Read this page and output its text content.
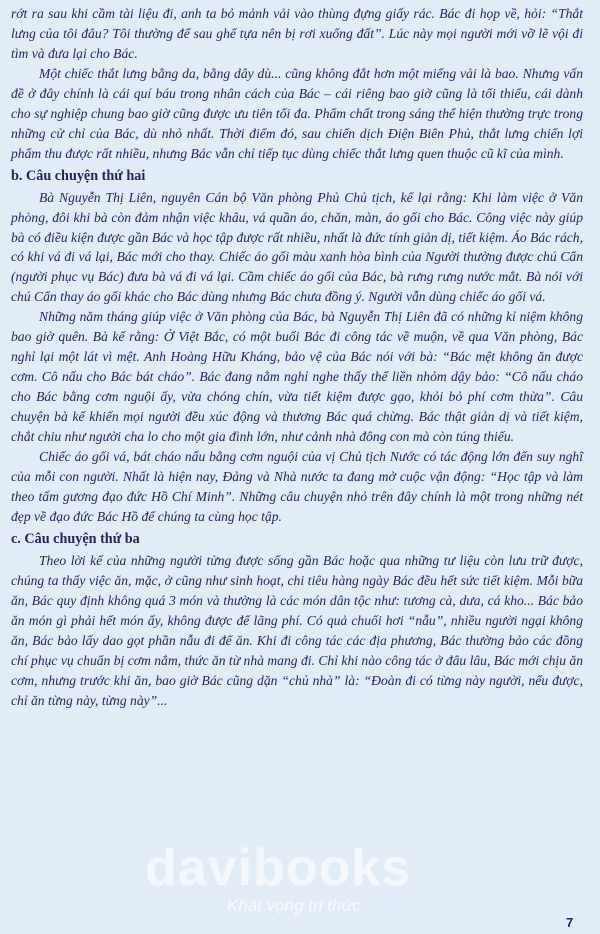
rớt ra sau khi cầm tài liệu đi, anh ta bỏ mảnh vải vào thùng đựng giấy rác. Bác đi họp về, hỏi: “Thắt lưng của tôi đâu? Tôi thường để sau ghế tựa nên bị rơi xuống đất”. Lúc này mọi người mới vỡ lẽ vội đi tìm và đưa lại cho Bác.

Một chiếc thắt lưng bằng da, bằng dây dù... cũng không đắt hơn một miếng vải là bao. Nhưng vấn đề ở đây chính là cái quí báu trong nhân cách của Bác – cái riêng bao giờ cũng là tối thiểu, cái dành cho sự nghiệp chung bao giờ cũng được ưu tiên tối đa. Phẩm chất trong sáng thể hiện thường trực trong những cử chỉ của Bác, dù nhỏ nhất. Thời điểm đó, sau chiến dịch Điện Biên Phủ, thắt lưng chiến lợi phẩm thu được rất nhiều, nhưng Bác vẫn chỉ tiếp tục dùng chiếc thắt lưng quen thuộc cũ kĩ của mình.

b. Câu chuyện thứ hai

Bà Nguyễn Thị Liên, nguyên Cán bộ Văn phòng Phủ Chủ tịch, kể lại rằng: Khi làm việc ở Văn phòng, đôi khi bà còn đảm nhận việc khâu, vá quần áo, chăn, màn, áo gối cho Bác. Công việc này giúp bà có điều kiện được gần Bác và học tập được rất nhiều, nhất là đức tính giản dị, tiết kiệm. Áo Bác rách, có khi vá đi vá lại, Bác mới cho thay. Chiếc áo gối màu xanh hòa bình của Người thường được chú Cẩn (người phục vụ Bác) đưa bà vá đi vá lại. Cầm chiếc áo gối của Bác, bà rưng rưng nước mắt. Bà nói với chú Cẩn thay áo gối khác cho Bác dùng nhưng Bác chưa đồng ý. Người vẫn dùng chiếc áo gối vá.

Những năm tháng giúp việc ở Văn phòng của Bác, bà Nguyễn Thị Liên đã có những kỉ niệm không bao giờ quên. Bà kể rằng: Ở Việt Bắc, có một buổi Bác đi công tác về muộn, về qua Văn phòng, Bác nghỉ lại một lát vì mệt. Anh Hoàng Hữu Kháng, bảo vệ của Bác nói với bà: “Bác mệt không ăn được cơm. Cô nấu cho Bác bát cháo”. Bác đang nằm nghỉ nghe thấy thế liền nhỏm dậy bảo: “Cô nấu cháo cho Bác bằng cơm nguội ấy, vừa chóng chín, vừa tiết kiệm được gạo, khỏi bỏ phí cơm thừa”. Câu chuyện bà kể khiến mọi người đều xúc động và thương Bác quá chừng. Bác thật giản dị và tiết kiệm, chắt chiu như người cha lo cho một gia đình lớn, như cảnh nhà đông con mà còn túng thiếu.

Chiếc áo gối vá, bát cháo nấu bằng cơm nguội của vị Chủ tịch Nước có tác động lớn đến suy nghĩ của mỗi con người. Nhất là hiện nay, Đảng và Nhà nước ta đang mở cuộc vận động: “Học tập và làm theo tấm gương đạo đức Hồ Chí Minh”. Những câu chuyện nhỏ trên đây chính là một trong những nét đẹp về đạo đức Bác Hồ để chúng ta cùng học tập.

c. Câu chuyện thứ ba

Theo lời kể của những người từng được sống gần Bác hoặc qua những tư liệu còn lưu trữ được, chúng ta thấy việc ăn, mặc, ở cũng như sinh hoạt, chi tiêu hàng ngày Bác đều hết sức tiết kiệm. Mỗi bữa ăn, Bác quy định không quá 3 món và thường là các món dân tộc như: tương cà, dưa, cá kho... Bác bảo ăn món gì phải hết món ấy, không được để lãng phí. Có quả chuối hơi “nẫu”, nhiều người ngại không ăn, Bác bảo lấy dao gọt phần nẫu đi để ăn. Khi đi công tác các địa phương, Bác thường bảo các đồng chí phục vụ chuẩn bị cơm nắm, thức ăn từ nhà mang đi. Chỉ khi nào công tác ở đâu lâu, Bác mới chịu ăn cơm, nhưng trước khi ăn, bao giờ Bác cũng dặn “chủ nhà” là: “Đoàn đi có từng này người, nếu được, chỉ ăn từng này, từng này”...

davibooks
Khát vọng tri thức
7
